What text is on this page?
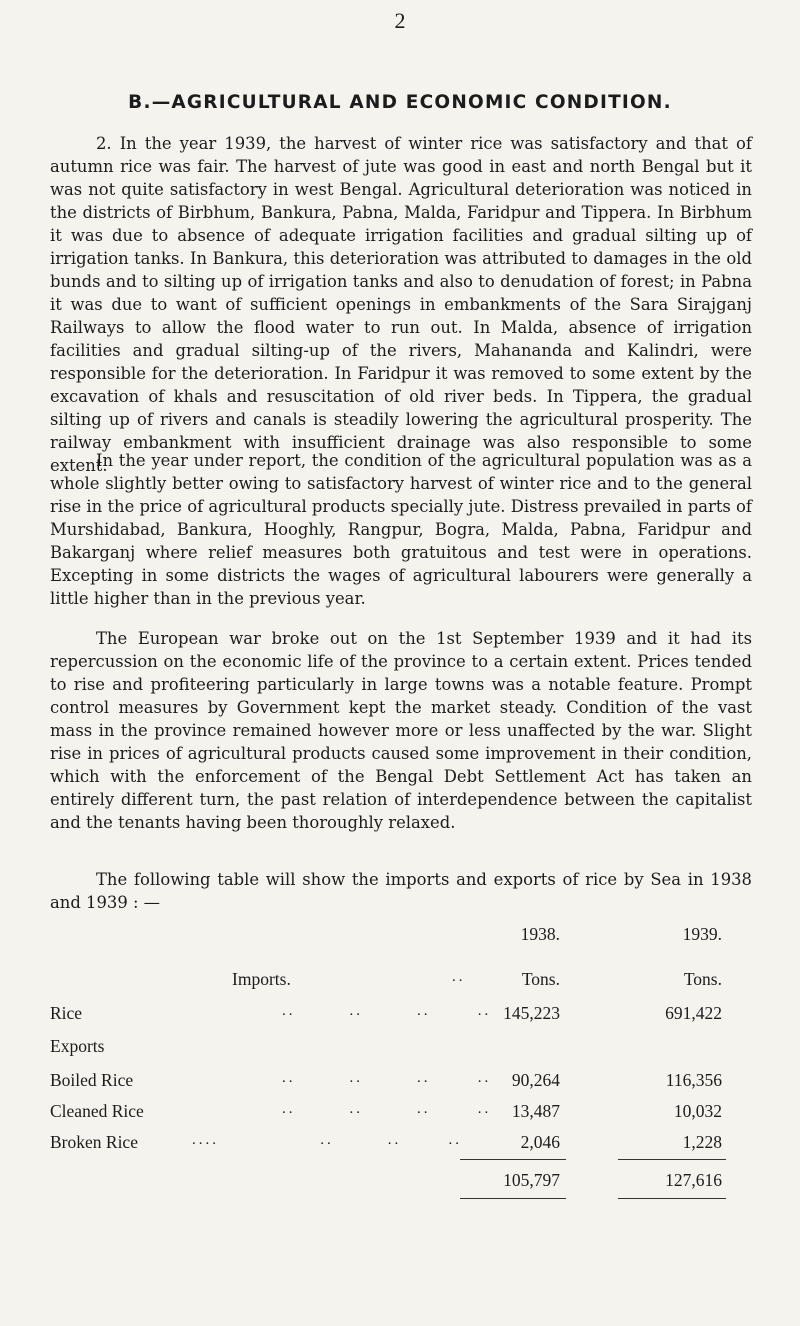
2
B.—AGRICULTURAL AND ECONOMIC CONDITION.

2. In the year 1939, the harvest of winter rice was satisfactory and that of autumn rice was fair. The harvest of jute was good in east and north Bengal but it was not quite satisfactory in west Bengal. Agricultural deterioration was noticed in the districts of Birbhum, Bankura, Pabna, Malda, Faridpur and Tippera. In Birbhum it was due to absence of adequate irrigation facilities and gradual silting up of irrigation tanks. In Bankura, this deterioration was attributed to damages in the old bunds and to silting up of irrigation tanks and also to denudation of forest; in Pabna it was due to want of sufficient openings in embankments of the Sara Sirajganj Railways to allow the flood water to run out. In Malda, absence of irrigation facilities and gradual silting-up of the rivers, Mahananda and Kalindri, were responsible for the deterioration. In Faridpur it was removed to some extent by the excavation of khals and resuscitation of old river beds. In Tippera, the gradual silting up of rivers and canals is steadily lowering the agricultural prosperity. The railway embankment with insufficient drainage was also responsible to some extent.

In the year under report, the condition of the agricultural population was as a whole slightly better owing to satisfactory harvest of winter rice and to the general rise in the price of agricultural products specially jute. Distress prevailed in parts of Murshidabad, Bankura, Hooghly, Rangpur, Bogra, Malda, Pabna, Faridpur and Bakarganj where relief measures both gratuitous and test were in operations. Excepting in some districts the wages of agricultural labourers were generally a little higher than in the previous year.

The European war broke out on the 1st September 1939 and it had its repercussion on the economic life of the province to a certain extent. Prices tended to rise and profiteering particularly in large towns was a notable feature. Prompt control measures by Government kept the market steady. Condition of the vast mass in the province remained however more or less unaffected by the war. Slight rise in prices of agricultural products caused some improvement in their condition, which with the enforcement of the Bengal Debt Settlement Act has taken an entirely different turn, the past relation of interdependence between the capitalist and the tenants having been thoroughly relaxed.

The following table will show the imports and exports of rice by Sea in 1938 and 1939 : —

1938.	1939.
Imports.	..	Tons.	Tons.
Rice	..        ..        ..       .. 145,223	691,422
Exports
Boiled Rice	..        ..        ..       ..	90,264	116,356
Cleaned Rice	..        ..        ..       ..	13,487	10,032
Broken Rice	....               ..        ..       ..	2,046	1,228
105,797	127,616
